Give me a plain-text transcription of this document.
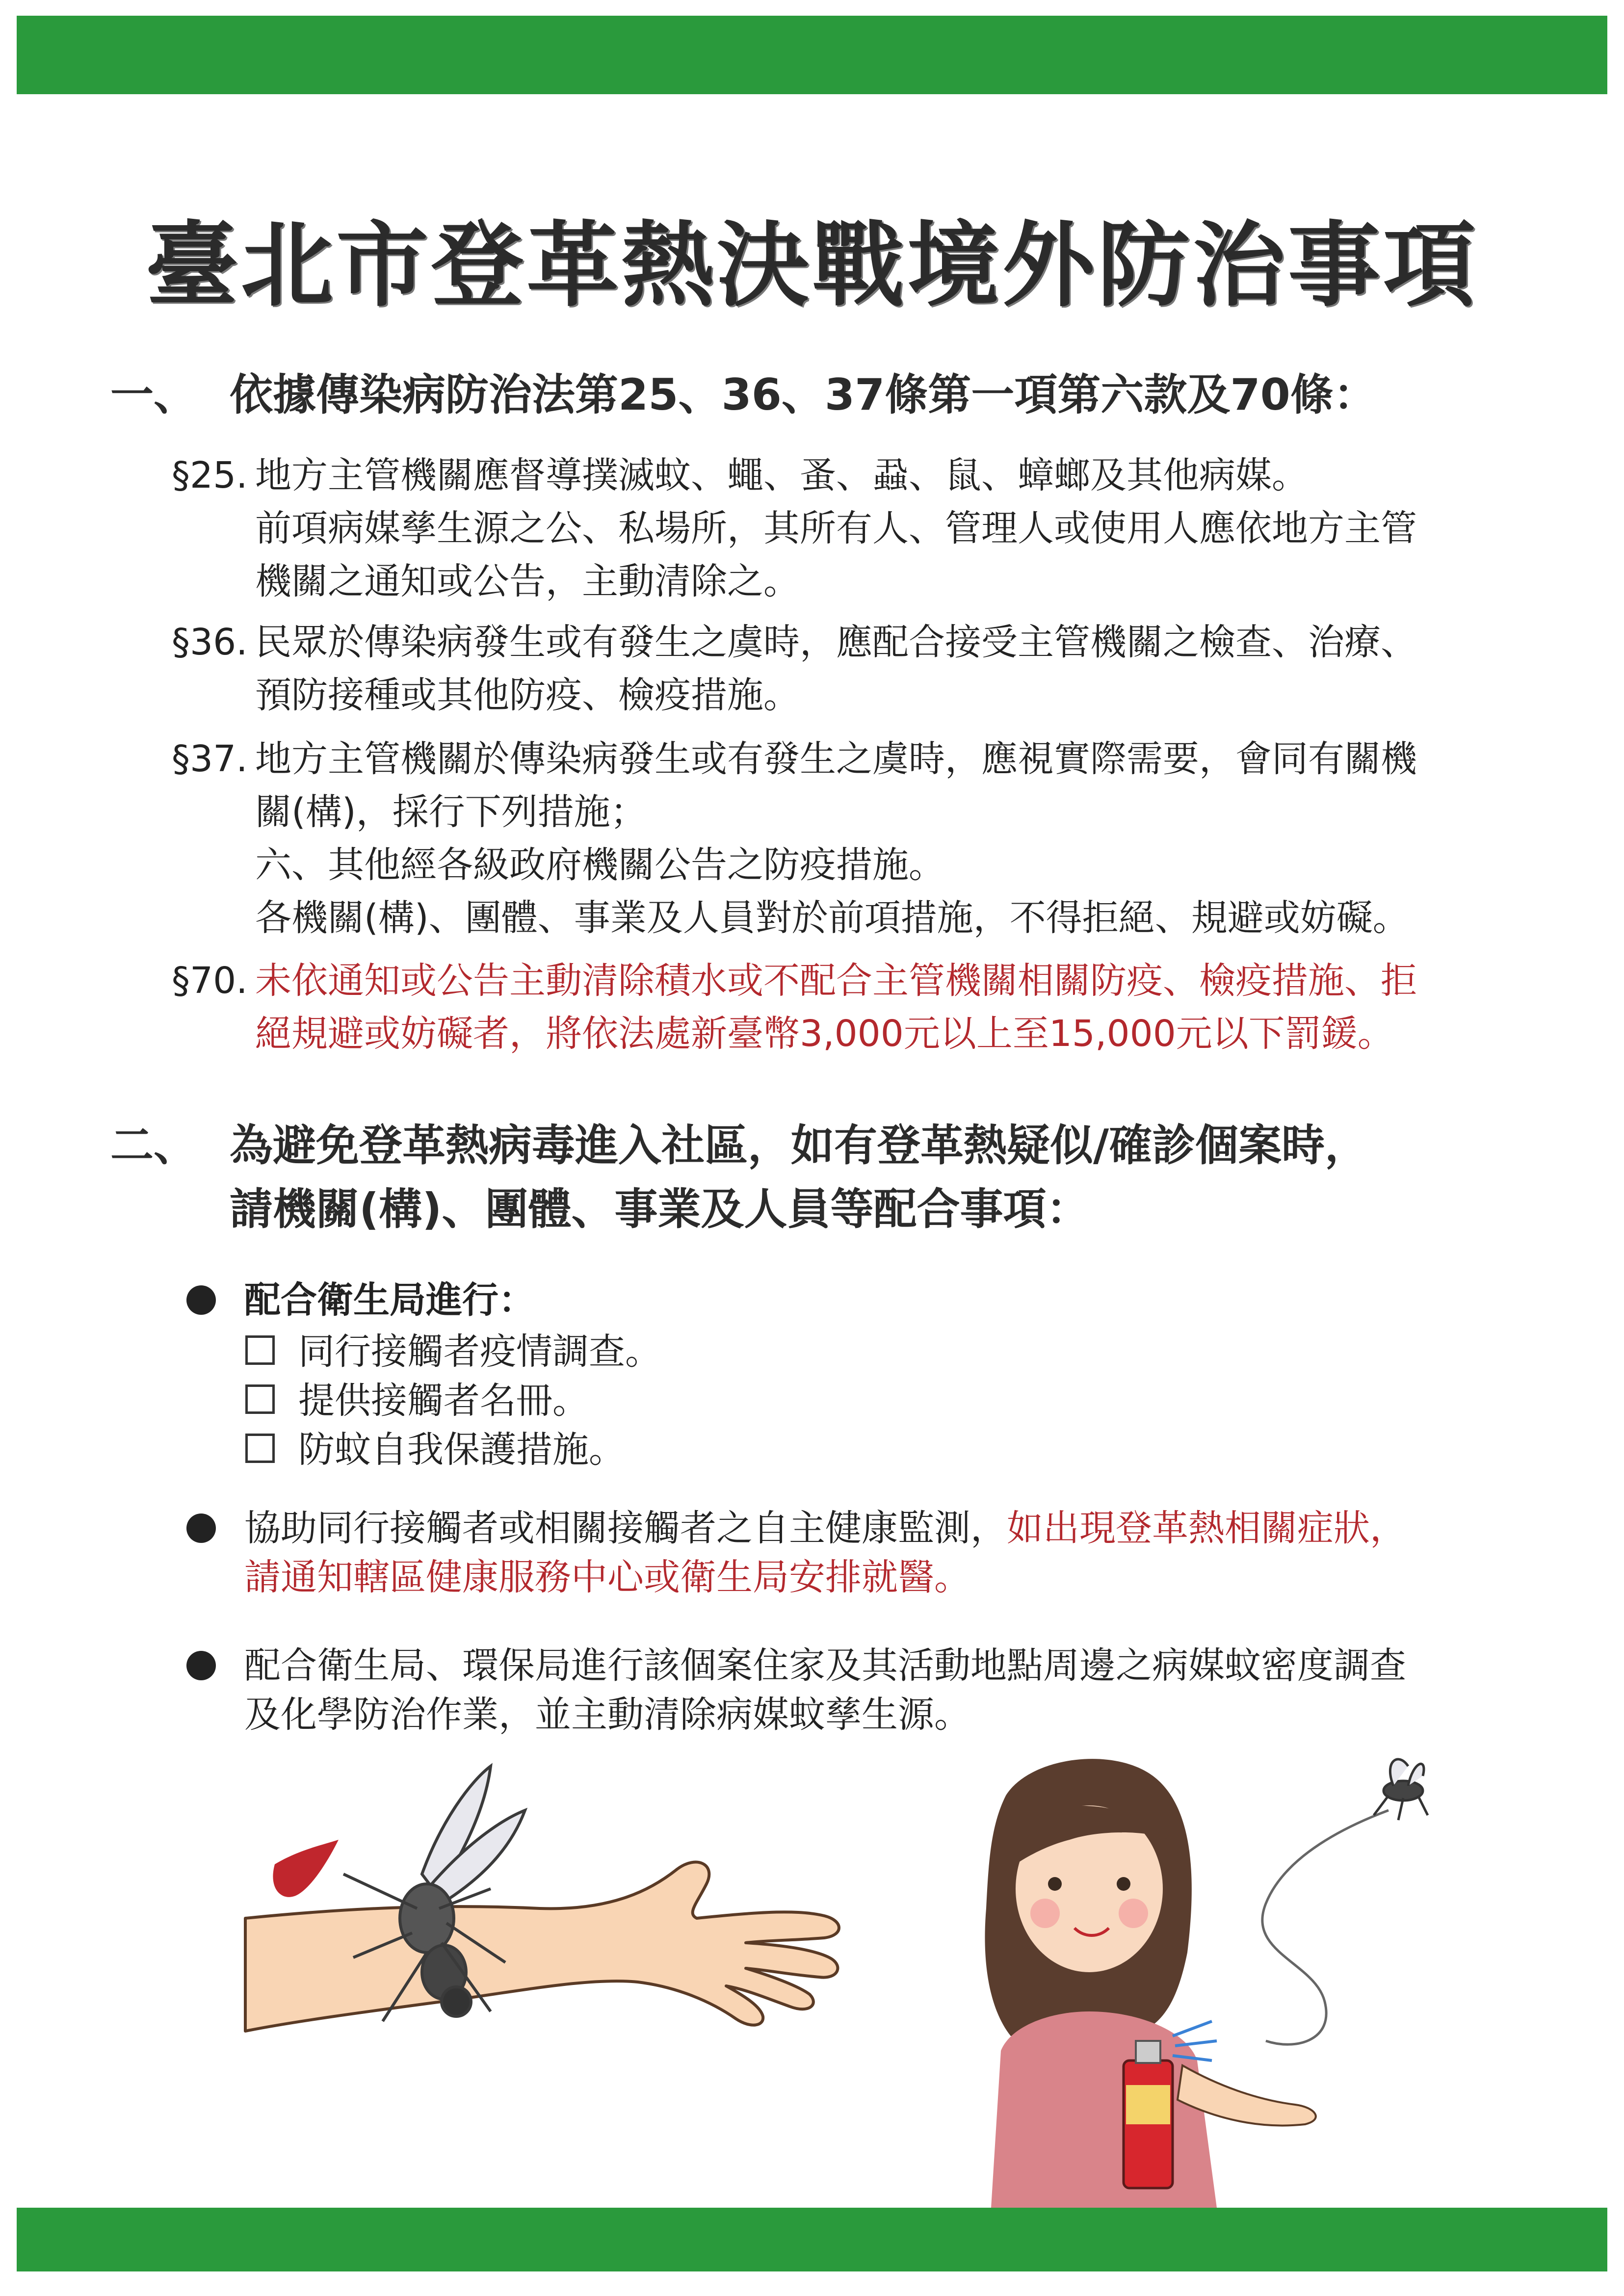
臺北市登革熱決戰境外防治事項
一、 依據傳染病防治法第25、36、37條第一項第六款及70條：
§25. 地方主管機關應督導撲滅蚊、蠅、蚤、蝨、鼠、蟑螂及其他病媒。
前項病媒孳生源之公、私場所，其所有人、管理人或使用人應依地方主管
機關之通知或公告，主動清除之。
§36. 民眾於傳染病發生或有發生之虞時，應配合接受主管機關之檢查、治療、
預防接種或其他防疫、檢疫措施。
§37. 地方主管機關於傳染病發生或有發生之虞時，應視實際需要，會同有關機
關(構)，採行下列措施；
六、其他經各級政府機關公告之防疫措施。
各機關(構)、團體、事業及人員對於前項措施，不得拒絕、規避或妨礙。
§70. 未依通知或公告主動清除積水或不配合主管機關相關防疫、檢疫措施、拒
絕規避或妨礙者，將依法處新臺幣3,000元以上至15,000元以下罰鍰。
二、 為避免登革熱病毒進入社區，如有登革熱疑似/確診個案時，
請機關(構)、團體、事業及人員等配合事項：
配合衛生局進行：
同行接觸者疫情調查。
提供接觸者名冊。
防蚊自我保護措施。
協助同行接觸者或相關接觸者之自主健康監測，如出現登革熱相關症狀，
請通知轄區健康服務中心或衛生局安排就醫。
配合衛生局、環保局進行該個案住家及其活動地點周邊之病媒蚊密度調查
及化學防治作業，並主動清除病媒蚊孳生源。
